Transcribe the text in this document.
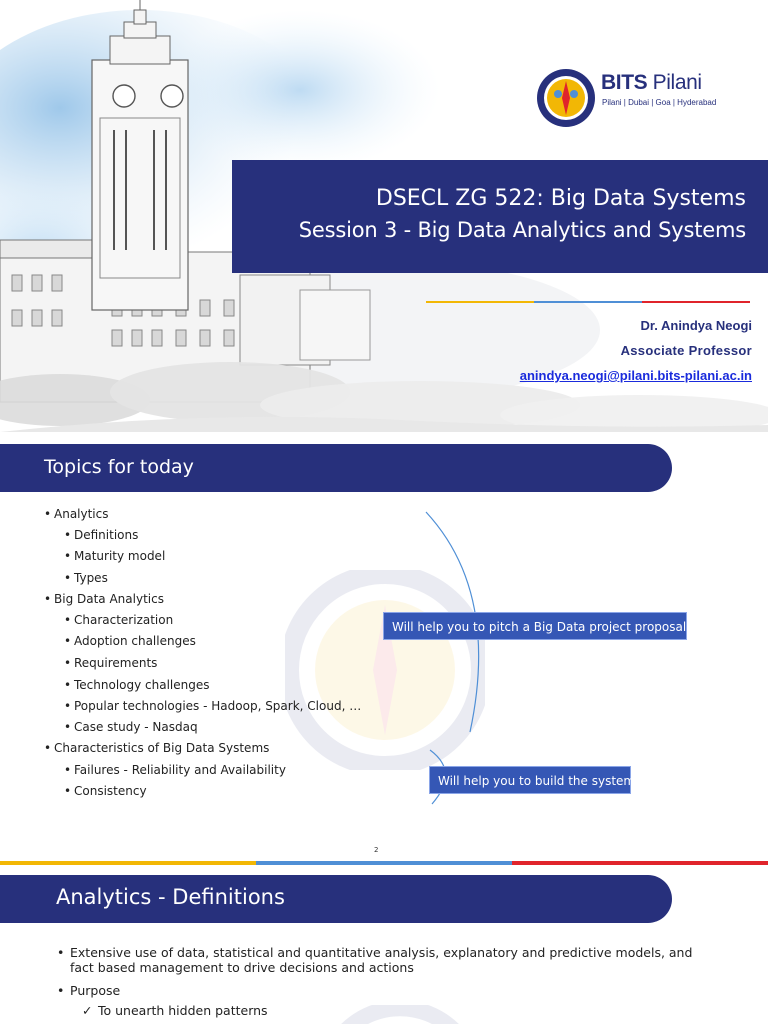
BITS Pilani
Pilani | Dubai | Goa | Hyderabad
DSECL ZG 522: Big Data Systems
Session 3 - Big Data Analytics and Systems
Dr. Anindya Neogi
Associate Professor
anindya.neogi@pilani.bits-pilani.ac.in
Topics for today
• Analytics
• Definitions
• Maturity model
• Types
• Big Data Analytics
• Characterization
• Adoption challenges
• Requirements
• Technology challenges
• Popular technologies - Hadoop, Spark, Cloud, …
• Case study - Nasdaq
• Characteristics of Big Data Systems
• Failures - Reliability and Availability
• Consistency
Will help you to pitch a Big Data project proposal
Will help you to build the system
2
Analytics - Definitions
• Extensive use of data, statistical and quantitative analysis, explanatory and predictive models, and fact based management to drive decisions and actions
• Purpose
✓ To unearth hidden patterns
